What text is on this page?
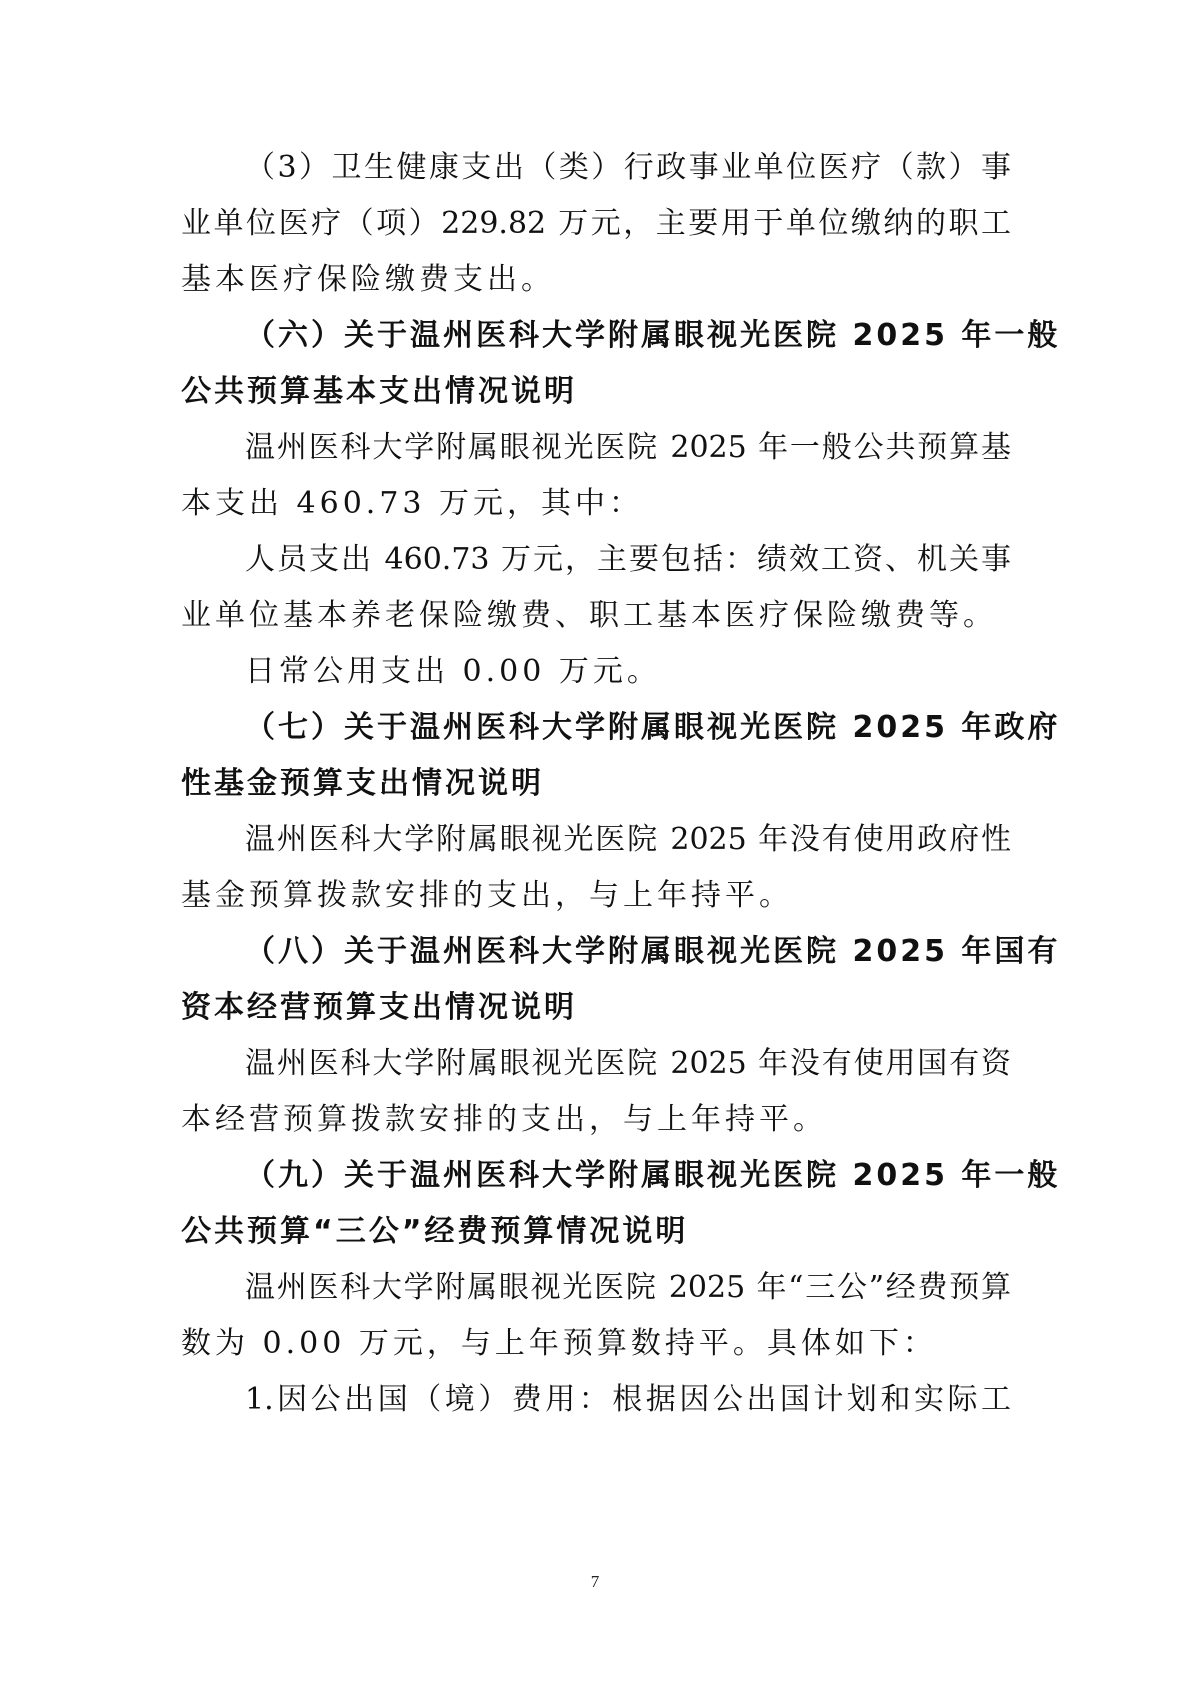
（3）卫生健康支出（类）行政事业单位医疗（款）事
业单位医疗（项）229.82 万元，主要用于单位缴纳的职工
基本医疗保险缴费支出。
（六）关于温州医科大学附属眼视光医院 2025 年一般
公共预算基本支出情况说明
温州医科大学附属眼视光医院 2025 年一般公共预算基
本支出 460.73 万元，其中：
人员支出 460.73 万元，主要包括：绩效工资、机关事
业单位基本养老保险缴费、职工基本医疗保险缴费等。
日常公用支出 0.00 万元。
（七）关于温州医科大学附属眼视光医院 2025 年政府
性基金预算支出情况说明
温州医科大学附属眼视光医院 2025 年没有使用政府性
基金预算拨款安排的支出，与上年持平。
（八）关于温州医科大学附属眼视光医院 2025 年国有
资本经营预算支出情况说明
温州医科大学附属眼视光医院 2025 年没有使用国有资
本经营预算拨款安排的支出，与上年持平。
（九）关于温州医科大学附属眼视光医院 2025 年一般
公共预算“三公”经费预算情况说明
温州医科大学附属眼视光医院 2025 年“三公”经费预算
数为 0.00 万元，与上年预算数持平。具体如下：
1.因公出国（境）费用：根据因公出国计划和实际工
7
